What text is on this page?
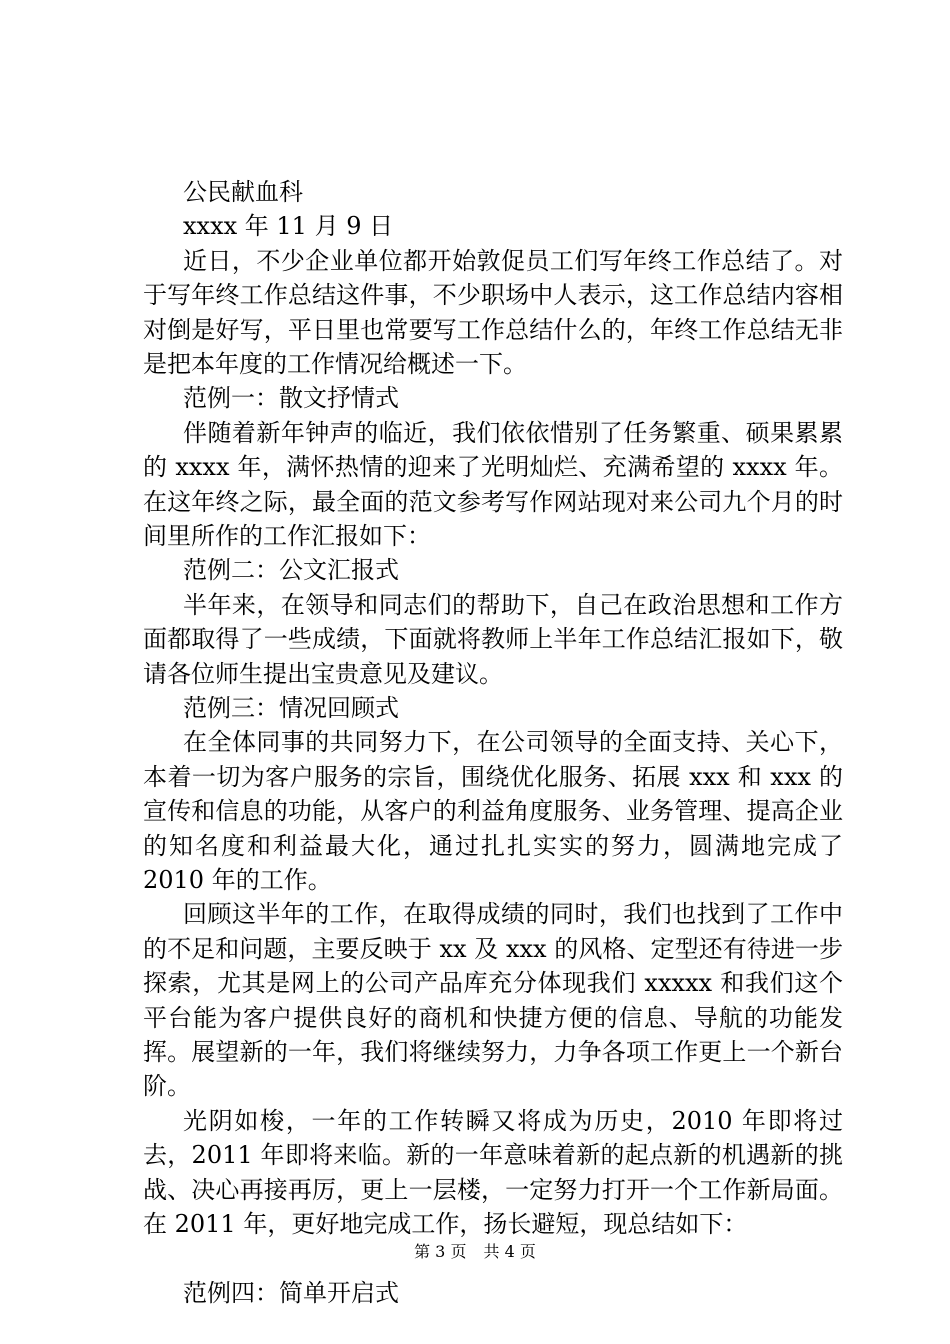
公民献血科
xxxx 年 11 月 9 日

近日，不少企业单位都开始敦促员工们写年终工作总结了。对于写年终工作总结这件事，不少职场中人表示，这工作总结内容相对倒是好写，平日里也常要写工作总结什么的，年终工作总结无非是把本年度的工作情况给概述一下。

范例一：散文抒情式

伴随着新年钟声的临近，我们依依惜别了任务繁重、硕果累累的 xxxx 年，满怀热情的迎来了光明灿烂、充满希望的 xxxx 年。在这年终之际，最全面的范文参考写作网站现对来公司九个月的时间里所作的工作汇报如下：

范例二：公文汇报式

半年来，在领导和同志们的帮助下，自己在政治思想和工作方面都取得了一些成绩，下面就将教师上半年工作总结汇报如下，敬请各位师生提出宝贵意见及建议。

范例三：情况回顾式

在全体同事的共同努力下，在公司领导的全面支持、关心下，本着一切为客户服务的宗旨，围绕优化服务、拓展 xxx 和 xxx 的宣传和信息的功能，从客户的利益角度服务、业务管理、提高企业的知名度和利益最大化，通过扎扎实实的努力，圆满地完成了 2010 年的工作。

回顾这半年的工作，在取得成绩的同时，我们也找到了工作中的不足和问题，主要反映于 xx 及 xxx 的风格、定型还有待进一步探索，尤其是网上的公司产品库充分体现我们 xxxxx 和我们这个平台能为客户提供良好的商机和快捷方便的信息、导航的功能发挥。展望新的一年，我们将继续努力，力争各项工作更上一个新台阶。

光阴如梭，一年的工作转瞬又将成为历史，2010 年即将过去，2011 年即将来临。新的一年意味着新的起点新的机遇新的挑战、决心再接再厉，更上一层楼，一定努力打开一个工作新局面。在 2011 年，更好地完成工作，扬长避短，现总结如下：

范例四：简单开启式
第 3 页 共 4 页
